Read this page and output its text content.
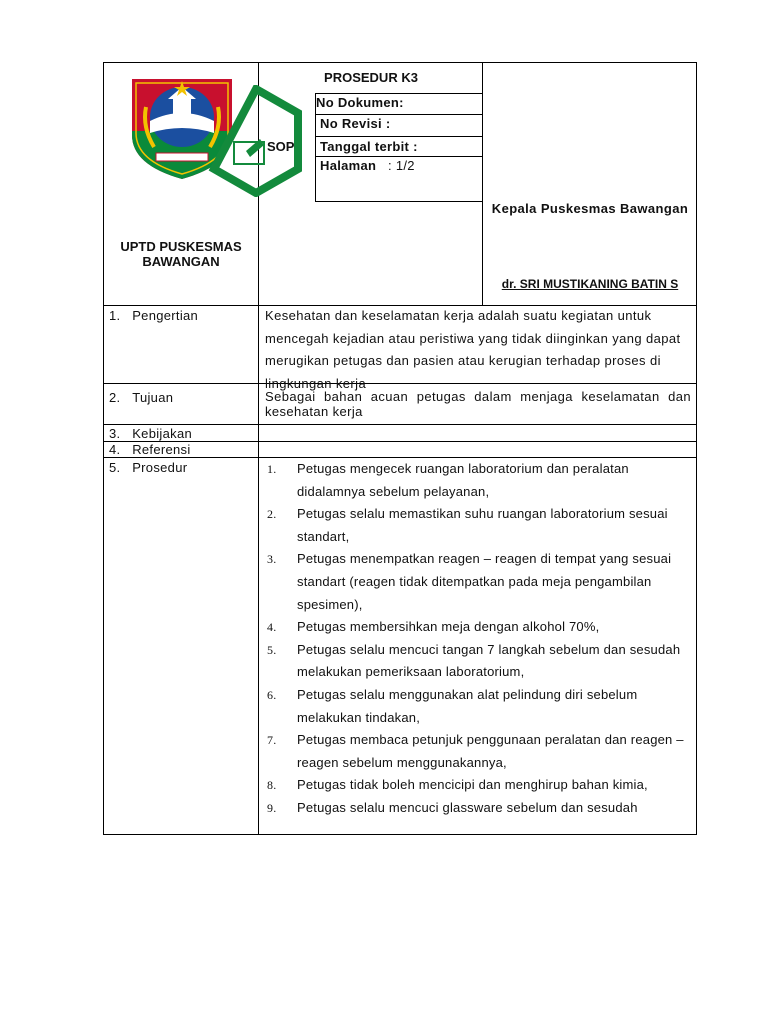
UPTD PUSKESMAS BAWANGAN
PROSEDUR K3
SOP
No Dokumen:
No Revisi :
Tanggal terbit :
Halaman : 1/2
Kepala Puskesmas Bawangan
dr. SRI MUSTIKANING BATIN S
1. Pengertian	Kesehatan dan keselamatan kerja adalah suatu kegiatan untuk mencegah kejadian atau peristiwa yang tidak diinginkan yang dapat merugikan petugas dan pasien atau kerugian terhadap proses di lingkungan kerja
2. Tujuan	Sebagai bahan acuan petugas dalam menjaga keselamatan dan kesehatan kerja
3. Kebijakan
4. Referensi
5. Prosedur	1. Petugas mengecek ruangan laboratorium dan peralatan didalamnya sebelum pelayanan,
2. Petugas selalu memastikan suhu ruangan laboratorium sesuai standart,
3. Petugas menempatkan reagen – reagen di tempat yang sesuai standart (reagen tidak ditempatkan pada meja pengambilan spesimen),
4. Petugas membersihkan meja dengan alkohol 70%,
5. Petugas selalu mencuci tangan 7 langkah sebelum dan sesudah melakukan pemeriksaan laboratorium,
6. Petugas selalu menggunakan alat pelindung diri sebelum melakukan tindakan,
7. Petugas membaca petunjuk penggunaan peralatan dan reagen – reagen sebelum menggunakannya,
8. Petugas tidak boleh mencicipi dan menghirup bahan kimia,
9. Petugas selalu mencuci glassware sebelum dan sesudah
